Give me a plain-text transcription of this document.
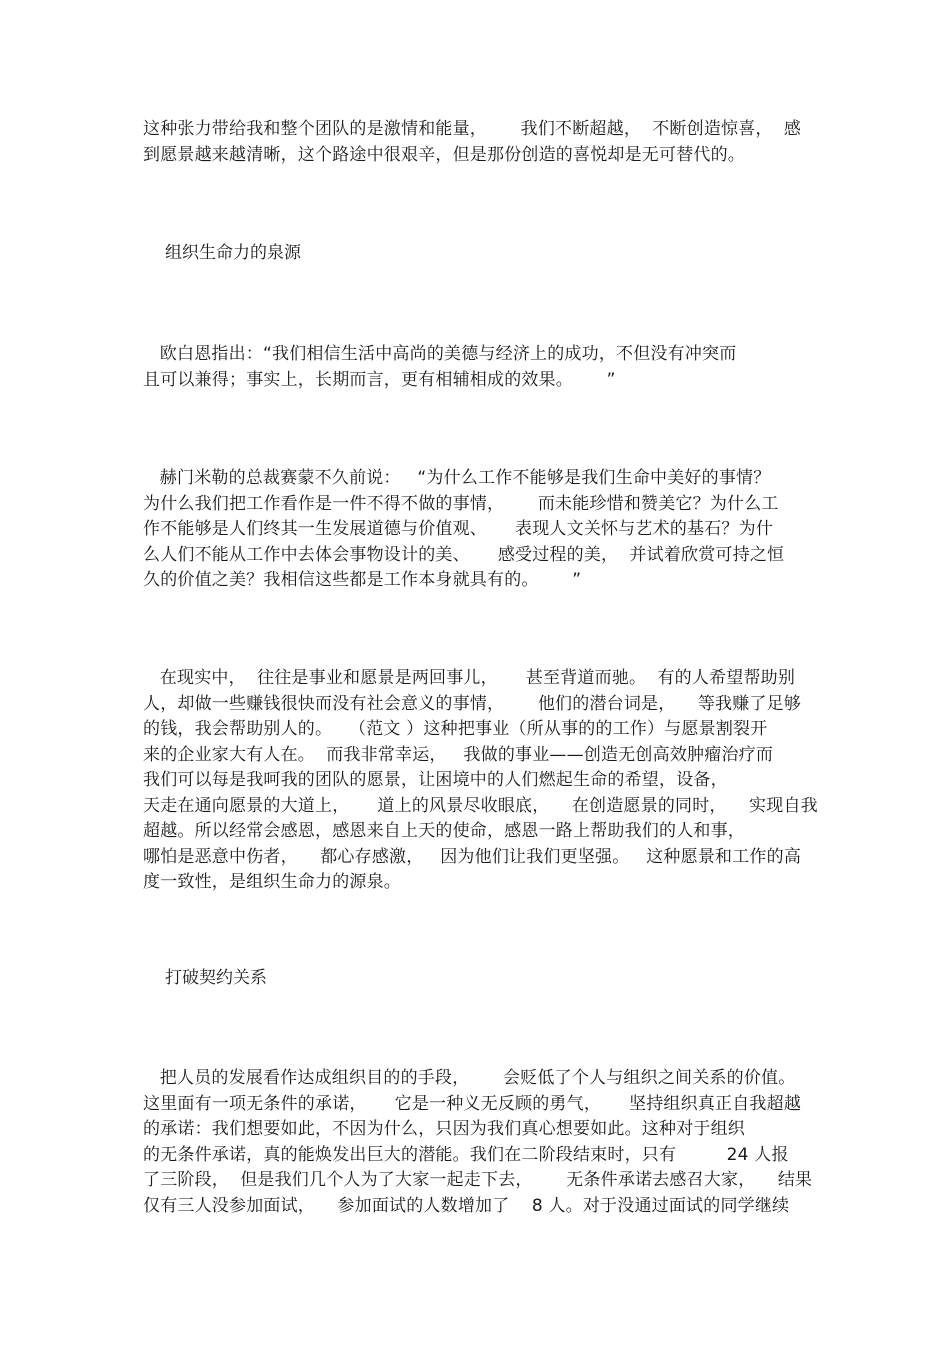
这种张力带给我和整个团队的是激情和能量，      我们不断超越，  不断创造惊喜，  感
到愿景越来越清晰，这个路途中很艰辛，但是那份创造的喜悦却是无可替代的。
组织生命力的泉源
欧白恩指出：“我们相信生活中高尚的美德与经济上的成功，不但没有冲突而
且可以兼得；事实上，长期而言，更有相辅相成的效果。      ”
赫门米勒的总裁赛蒙不久前说：   “为什么工作不能够是我们生命中美好的事情？
为什么我们把工作看作是一件不得不做的事情，      而未能珍惜和赞美它？为什么工
作不能够是人们终其一生发展道德与价值观、     表现人文关怀与艺术的基石？为什
么人们不能从工作中去体会事物设计的美、     感受过程的美，  并试着欣赏可持之恒
久的价值之美？我相信这些都是工作本身就具有的。      ”
在现实中，  往往是事业和愿景是两回事儿，     甚至背道而驰。  有的人希望帮助别
人，却做一些赚钱很快而没有社会意义的事情，      他们的潜台词是，    等我赚了足够
的钱，我会帮助别人的。   （范文 ）这种把事业（所从事的的工作）与愿景割裂开
来的企业家大有人在。  而我非常幸运，   我做的事业——创造无创高效肿瘤治疗而
我们可以每是我呵我的团队的愿景，让困境中的人们燃起生命的希望，设备，
天走在通向愿景的大道上，     道上的风景尽收眼底，    在创造愿景的同时，    实现自我
超越。所以经常会感恩，感恩来自上天的使命，感恩一路上帮助我们的人和事，
哪怕是恶意中伤者，    都心存感激，   因为他们让我们更坚强。   这种愿景和工作的高
度一致性，是组织生命力的源泉。
打破契约关系
把人员的发展看作达成组织目的的手段，      会贬低了个人与组织之间关系的价值。
这里面有一项无条件的承诺，     它是一种义无反顾的勇气，     坚持组织真正自我超越
的承诺：我们想要如此，不因为什么，只因为我们真心想要如此。这种对于组织
的无条件承诺，真的能焕发出巨大的潜能。我们在二阶段结束时，只有         24 人报
了三阶段，  但是我们几个人为了大家一起走下去，      无条件承诺去感召大家，    结果
仅有三人没参加面试，    参加面试的人数增加了    8 人。对于没通过面试的同学继续
